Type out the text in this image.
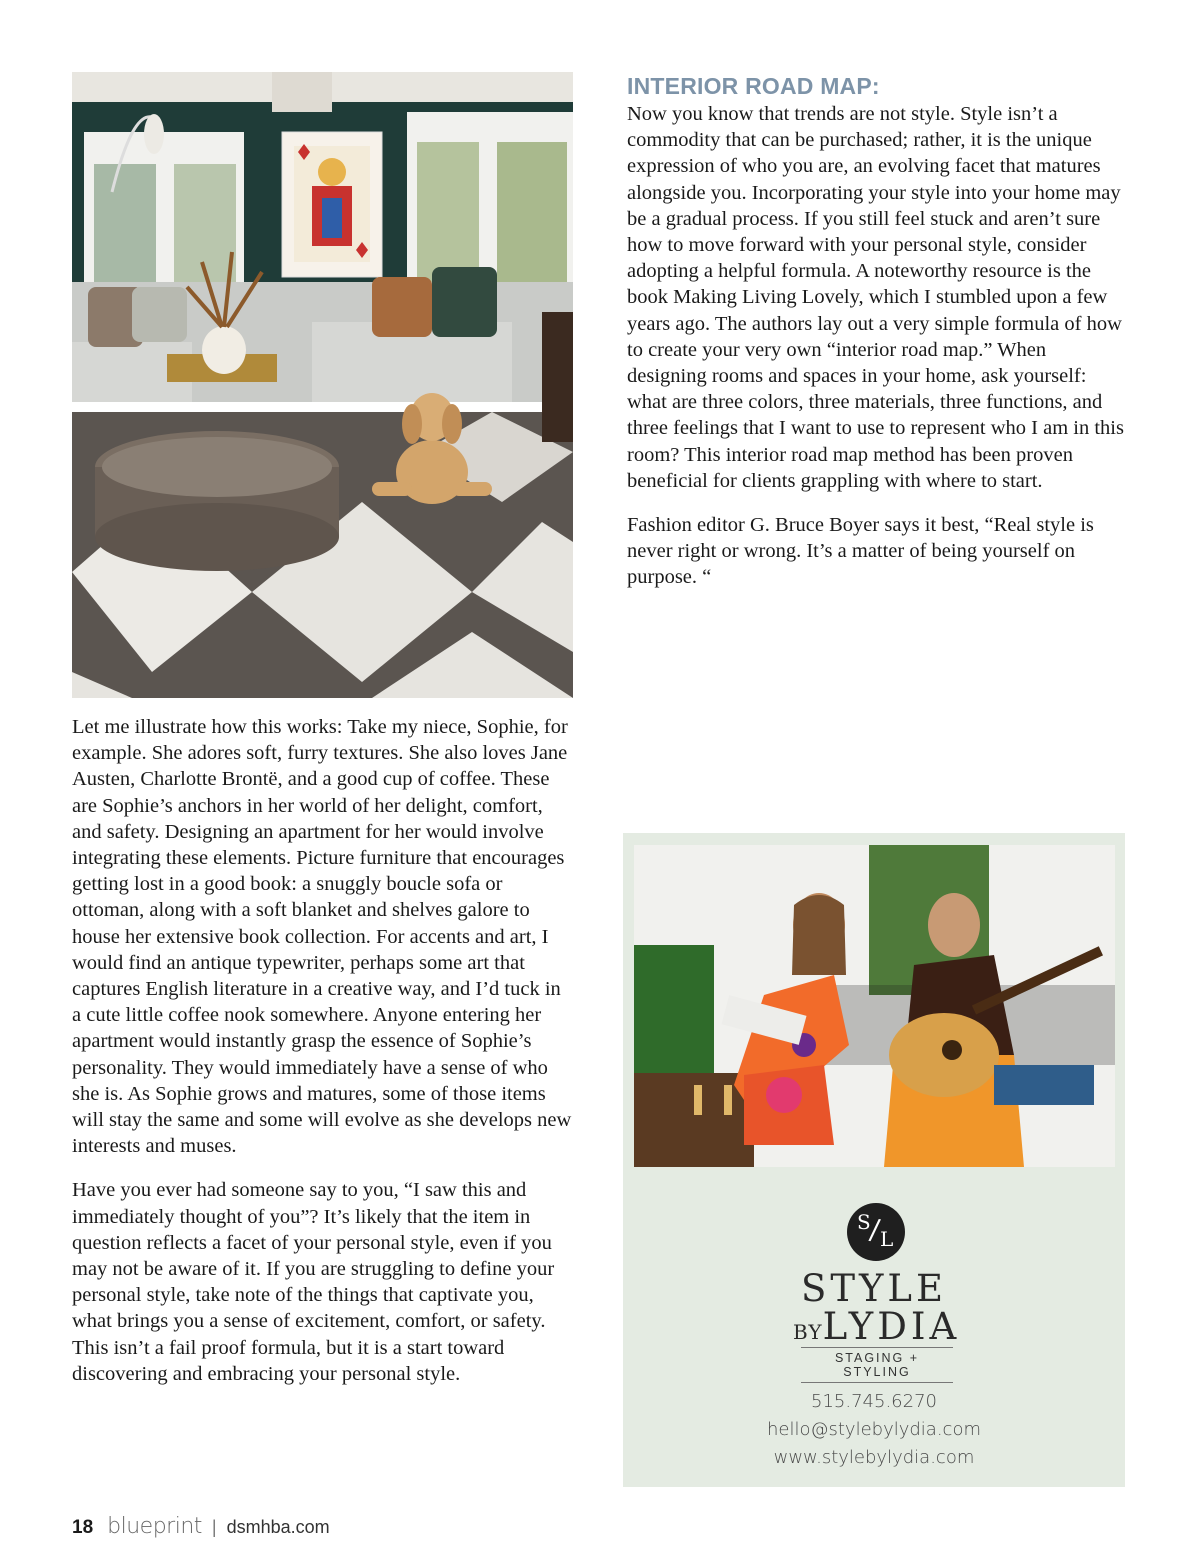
INTERIOR ROAD MAP:

Now you know that trends are not style. Style isn’t a commodity that can be purchased; rather, it is the unique expression of who you are, an evolving facet that matures alongside you. Incorporating your style into your home may be a gradual process. If you still feel stuck and aren’t sure how to move forward with your personal style, consider adopting a helpful formula. A noteworthy resource is the book Making Living Lovely, which I stumbled upon a few years ago. The authors lay out a very simple formula of how to create your very own “interior road map.” When designing rooms and spaces in your home, ask yourself: what are three colors, three materials, three functions, and three feelings that I want to use to represent who I am in this room? This interior road map method has been proven beneficial for clients grappling with where to start.

Fashion editor G. Bruce Boyer says it best, “Real style is never right or wrong. It’s a matter of being yourself on purpose. “

Let me illustrate how this works: Take my niece, Sophie, for example. She adores soft, furry textures. She also loves Jane Austen, Charlotte Brontë, and a good cup of coffee. These are Sophie’s anchors in her world of her delight, comfort, and safety. Designing an apartment for her would involve integrating these elements. Picture furniture that encourages getting lost in a good book: a snuggly boucle sofa or ottoman, along with a soft blanket and shelves galore to house her extensive book collection. For accents and art, I would find an antique typewriter, perhaps some art that captures English literature in a creative way, and I’d tuck in a cute little coffee nook somewhere. Anyone entering her apartment would instantly grasp the essence of Sophie’s personality. They would immediately have a sense of who she is. As Sophie grows and matures, some of those items will stay the same and some will evolve as she develops new interests and muses.

Have you ever had someone say to you, “I saw this and immediately thought of you”? It’s likely that the item in question reflects a facet of your personal style, even if you may not be aware of it. If you are struggling to define your personal style, take note of the things that captivate you, what brings you a sense of excitement, comfort, or safety. This isn’t a fail proof formula, but it is a start toward discovering and embracing your personal style.

S
/
L
STYLE
BYLYDIA
STAGING + STYLING
515.745.6270
hello@stylebylydia.com
www.stylebylydia.com
18 blueprint | dsmhba.com
